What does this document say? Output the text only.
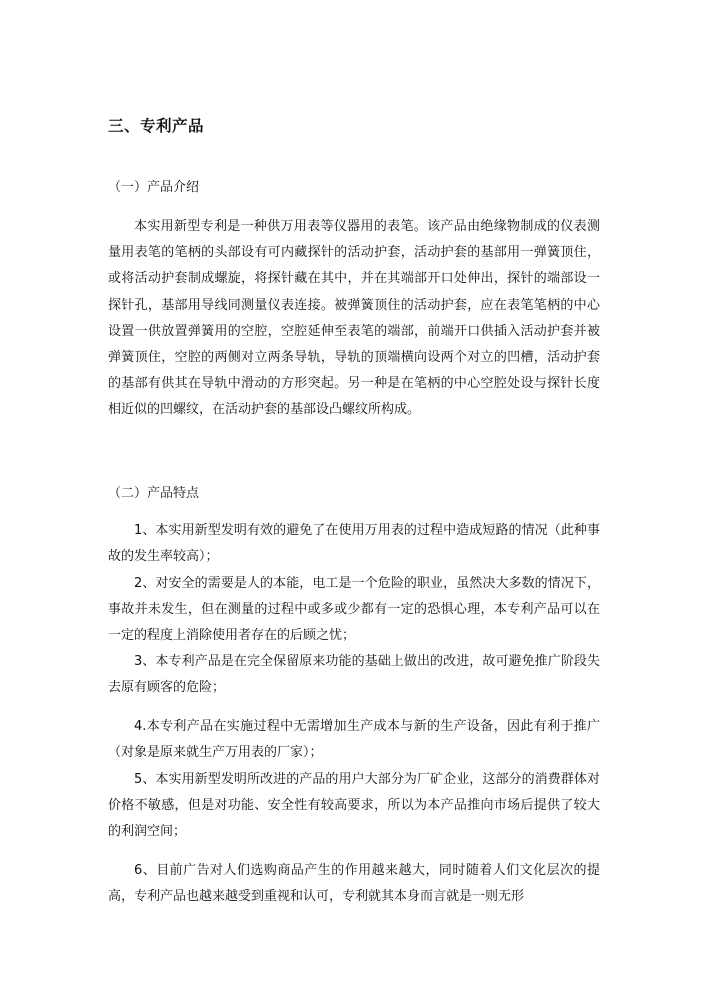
三、专利产品
（一）产品介绍

本实用新型专利是一种供万用表等仪器用的表笔。该产品由绝缘物制成的仪表测量用表笔的笔柄的头部设有可内藏探针的活动护套，活动护套的基部用一弹簧顶住，或将活动护套制成螺旋，将探针藏在其中，并在其端部开口处伸出，探针的端部设一探针孔，基部用导线同测量仪表连接。被弹簧顶住的活动护套，应在表笔笔柄的中心设置一供放置弹簧用的空腔，空腔延伸至表笔的端部，前端开口供插入活动护套并被弹簧顶住，空腔的两侧对立两条导轨，导轨的顶端横向设两个对立的凹槽，活动护套的基部有供其在导轨中滑动的方形突起。另一种是在笔柄的中心空腔处设与探针长度相近似的凹螺纹，在活动护套的基部设凸螺纹所构成。

（二）产品特点

1、本实用新型发明有效的避免了在使用万用表的过程中造成短路的情况（此种事故的发生率较高）；

2、对安全的需要是人的本能，电工是一个危险的职业，虽然决大多数的情况下，事故并未发生，但在测量的过程中或多或少都有一定的恐惧心理，本专利产品可以在一定的程度上消除使用者存在的后顾之忧；

3、本专利产品是在完全保留原来功能的基础上做出的改进，故可避免推广阶段失去原有顾客的危险；

4.本专利产品在实施过程中无需增加生产成本与新的生产设备，因此有利于推广（对象是原来就生产万用表的厂家）；

5、本实用新型发明所改进的产品的用户大部分为厂矿企业，这部分的消费群体对价格不敏感，但是对功能、安全性有较高要求，所以为本产品推向市场后提供了较大的利润空间；

6、目前广告对人们选购商品产生的作用越来越大，同时随着人们文化层次的提高，专利产品也越来越受到重视和认可，专利就其本身而言就是一则无形
